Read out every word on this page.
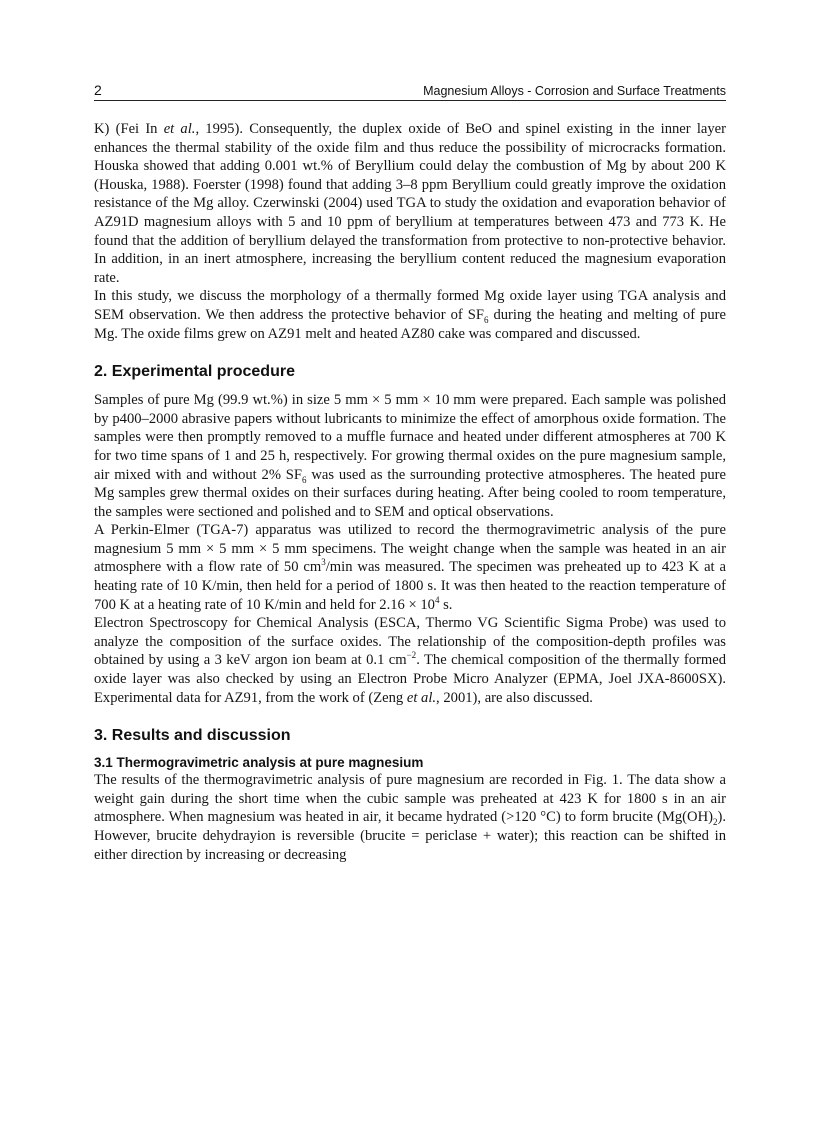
2	Magnesium Alloys - Corrosion and Surface Treatments

K) (Fei In et al., 1995). Consequently, the duplex oxide of BeO and spinel existing in the inner layer enhances the thermal stability of the oxide film and thus reduce the possibility of microcracks formation. Houska showed that adding 0.001 wt.% of Beryllium could delay the combustion of Mg by about 200 K (Houska, 1988). Foerster (1998) found that adding 3–8 ppm Beryllium could greatly improve the oxidation resistance of the Mg alloy. Czerwinski (2004) used TGA to study the oxidation and evaporation behavior of AZ91D magnesium alloys with 5 and 10 ppm of beryllium at temperatures between 473 and 773 K. He found that the addition of beryllium delayed the transformation from protective to non-protective behavior. In addition, in an inert atmosphere, increasing the beryllium content reduced the magnesium evaporation rate.

In this study, we discuss the morphology of a thermally formed Mg oxide layer using TGA analysis and SEM observation. We then address the protective behavior of $SF_6$ during the heating and melting of pure Mg. The oxide films grew on AZ91 melt and heated AZ80 cake was compared and discussed.

2. Experimental procedure

Samples of pure Mg (99.9 wt.%) in size 5 mm × 5 mm × 10 mm were prepared. Each sample was polished by p400–2000 abrasive papers without lubricants to minimize the effect of amorphous oxide formation. The samples were then promptly removed to a muffle furnace and heated under different atmospheres at 700 K for two time spans of 1 and 25 h, respectively. For growing thermal oxides on the pure magnesium sample, air mixed with and without 2% $SF_6$ was used as the surrounding protective atmospheres. The heated pure Mg samples grew thermal oxides on their surfaces during heating. After being cooled to room temperature, the samples were sectioned and polished and to SEM and optical observations.

A Perkin-Elmer (TGA-7) apparatus was utilized to record the thermogravimetric analysis of the pure magnesium 5 mm × 5 mm × 5 mm specimens. The weight change when the sample was heated in an air atmosphere with a flow rate of 50 $cm^3/\min$ was measured. The specimen was preheated up to 423 K at a heating rate of 10 K/min, then held for a period of 1800 s. It was then heated to the reaction temperature of 700 K at a heating rate of 10 K/min and held for $2.16 \times 10^4$ s.

Electron Spectroscopy for Chemical Analysis (ESCA, Thermo VG Scientific Sigma Probe) was used to analyze the composition of the surface oxides. The relationship of the composition-depth profiles was obtained by using a 3 keV argon ion beam at 0.1 $cm^{-2}$. The chemical composition of the thermally formed oxide layer was also checked by using an Electron Probe Micro Analyzer (EPMA, Joel JXA-8600SX). Experimental data for AZ91, from the work of (Zeng et al., 2001), are also discussed.

3. Results and discussion
3.1 Thermogravimetric analysis at pure magnesium

The results of the thermogravimetric analysis of pure magnesium are recorded in Fig. 1. The data show a weight gain during the short time when the cubic sample was preheated at 423 K for 1800 s in an air atmosphere. When magnesium was heated in air, it became hydrated (>120 °C) to form brucite $(Mg(OH)_2)$. However, brucite dehydrayion is reversible (brucite = periclase + water); this reaction can be shifted in either direction by increasing or decreasing
